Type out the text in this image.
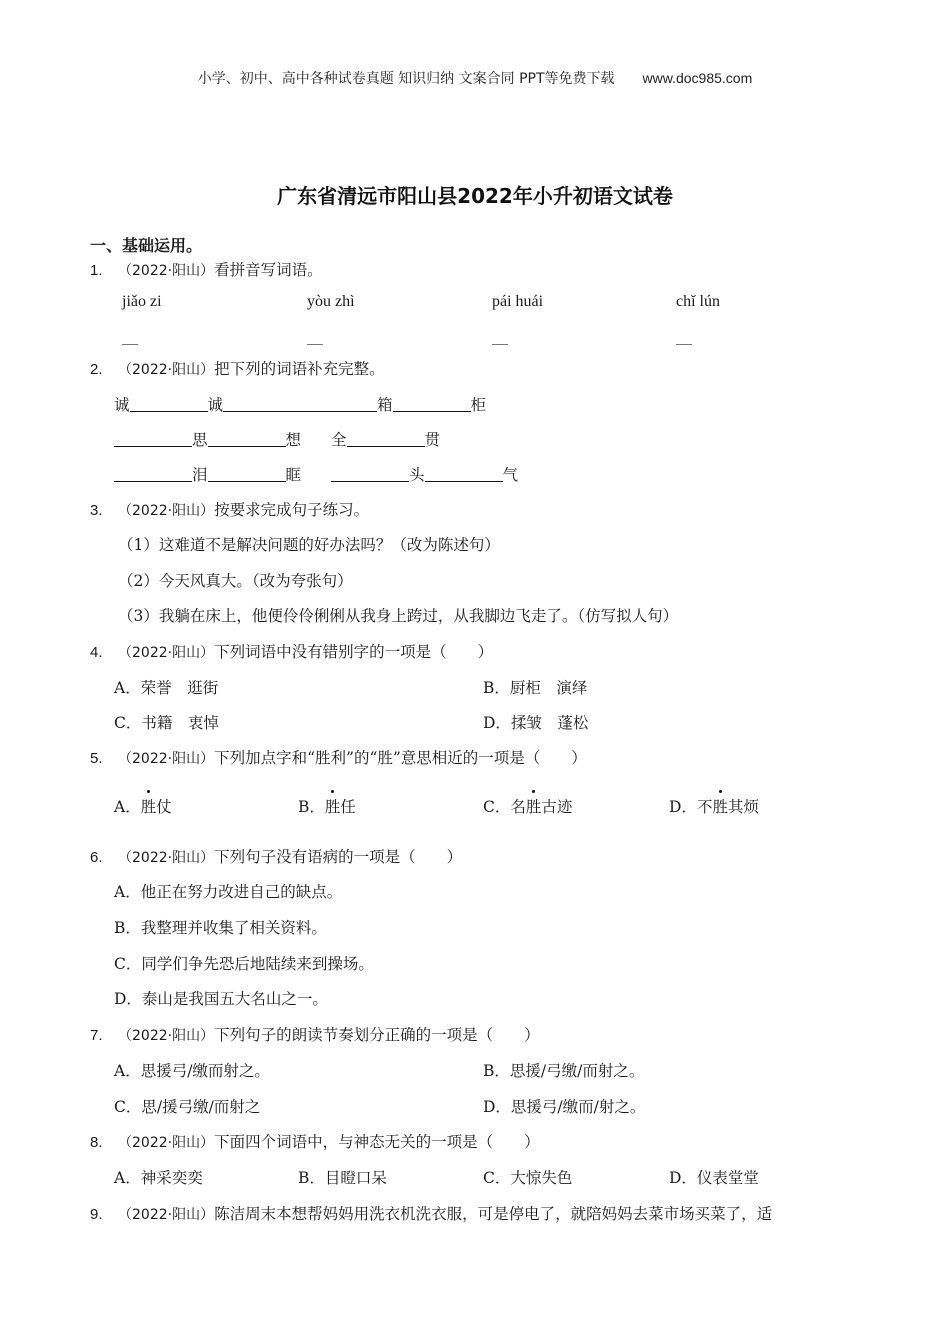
小学、初中、高中各种试卷真题 知识归纳 文案合同 PPT等免费下载 www.doc985.com
广东省清远市阳山县2022年小升初语文试卷
一、基础运用。
1. （2022·阳山）看拼音写词语。
jiǎo zi	yòu zhì	pái huái	chǐ lún
__	__	__	__
2. （2022·阳山）把下列的词语补充完整。
诚	诚	箱	柜
思	想 全	贯
泪	眶	头	气
3. （2022·阳山）按要求完成句子练习。
（1）这难道不是解决问题的好办法吗？（改为陈述句）
（2）今天风真大。（改为夸张句）
（3）我躺在床上，他便伶伶俐俐从我身上跨过，从我脚边飞走了。（仿写拟人句）
4. （2022·阳山）下列词语中没有错别字的一项是（　　）
A．荣誉　逛街	B．厨柜　演绎
C．书籍　衷悼	D．揉皱　蓬松
5. （2022·阳山）下列加点字和“胜利”的“胜”意思相近的一项是（　　）
A．胜仗	B．胜任	C．名胜古迹	D．不胜其烦
6. （2022·阳山）下列句子没有语病的一项是（　　）
A．他正在努力改进自己的缺点。
B．我整理并收集了相关资料。
C．同学们争先恐后地陆续来到操场。
D．泰山是我国五大名山之一。
7. （2022·阳山）下列句子的朗读节奏划分正确的一项是（　　）
A．思援弓/缴而射之。	B．思援/弓缴/而射之。
C．思/援弓缴/而射之	D．思援弓/缴而/射之。
8. （2022·阳山）下面四个词语中，与神态无关的一项是（　　）
A．神采奕奕	B．目瞪口呆	C．大惊失色	D．仪表堂堂
9. （2022·阳山）陈洁周末本想帮妈妈用洗衣机洗衣服，可是停电了，就陪妈妈去菜市场买菜了，适
